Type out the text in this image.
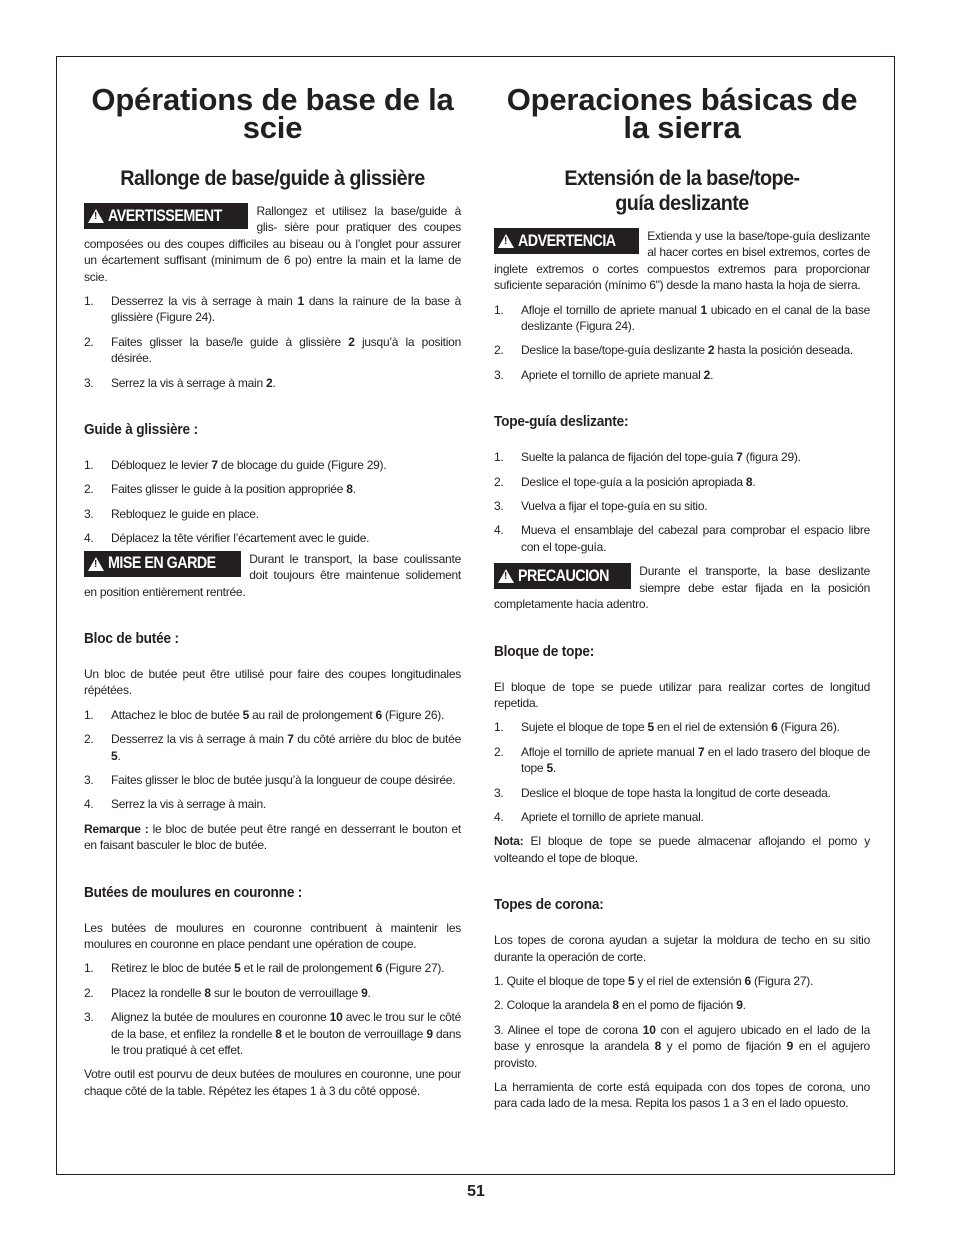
Opérations de base de la scie
Rallonge de base/guide à glissière
!
AVERTISSEMENT	Rallongez et utilisez la base/guide à glis- sière pour pratiquer des coupes composées ou des coupes difficiles au biseau ou à l’onglet pour assurer un écartement suffisant (minimum de 6 po) entre la main et la lame de scie.
1. Desserrez la vis à serrage à main 1 dans la rainure de la base à glissière (Figure 24).
2. Faites glisser la base/le guide à glissière 2 jusqu’à la position désirée.
3. Serrez la vis à serrage à main 2.
Guide à glissière :
1. Débloquez le levier 7 de blocage du guide (Figure 29).
2. Faites glisser le guide à la position appropriée 8.
3. Rebloquez le guide en place.
4. Déplacez la tête vérifier l’écartement avec le guide.
!
MISE EN GARDE	Durant le transport, la base coulissante doit toujours être maintenue solidement en position entièrement rentrée.
Bloc de butée :

Un bloc de butée peut être utilisé pour faire des coupes longitudinales répétées.

1. Attachez le bloc de butée 5 au rail de prolongement 6 (Figure 26).
2. Desserrez la vis à serrage à main 7 du côté arrière du bloc de butée 5.
3. Faites glisser le bloc de butée jusqu’à la longueur de coupe désirée.
4. Serrez la vis à serrage à main.

Remarque : le bloc de butée peut être rangé en desserrant le bouton et en faisant basculer le bloc de butée.

Butées de moulures en couronne :

Les butées de moulures en couronne contribuent à maintenir les moulures en couronne en place pendant une opération de coupe.

1. Retirez le bloc de butée 5 et le rail de prolongement 6 (Figure 27).
2. Placez la rondelle 8 sur le bouton de verrouillage 9.
3. Alignez la butée de moulures en couronne 10 avec le trou sur le côté de la base, et enfilez la rondelle 8 et le bouton de verrouillage 9 dans le trou pratiqué à cet effet.

Votre outil est pourvu de deux butées de moulures en couronne, une pour chaque côté de la table. Répétez les étapes 1 à 3 du côté opposé.

Operaciones básicas de la sierra
Extensión de la base/tope-guía deslizante
!
ADVERTENCIA	Extienda y use la base/tope-guía deslizante al hacer cortes en bisel extremos, cortes de inglete extremos o cortes compuestos extremos para proporcionar suficiente separación (mínimo 6") desde la mano hasta la hoja de sierra.
1. Afloje el tornillo de apriete manual 1 ubicado en el canal de la base deslizante (Figura 24).
2. Deslice la base/tope-guía deslizante 2 hasta la posición deseada.
3. Apriete el tornillo de apriete manual 2.
Tope-guía deslizante:
1. Suelte la palanca de fijación del tope-guía 7 (figura 29).
2. Deslice el tope-guía a la posición apropiada 8.
3. Vuelva a fijar el tope-guía en su sitio.
4. Mueva el ensamblaje del cabezal para comprobar el espacio libre con el tope-guía.
!
PRECAUCION	Durante el transporte, la base deslizante siempre debe estar fijada en la posición completamente hacia adentro.
Bloque de tope:

El bloque de tope se puede utilizar para realizar cortes de longitud repetida.

1. Sujete el bloque de tope 5 en el riel de extensión 6 (Figura 26).
2. Afloje el tornillo de apriete manual 7 en el lado trasero del bloque de tope 5.
3. Deslice el bloque de tope hasta la longitud de corte deseada.
4. Apriete el tornillo de apriete manual.

Nota: El bloque de tope se puede almacenar aflojando el pomo y volteando el tope de bloque.

Topes de corona:

Los topes de corona ayudan a sujetar la moldura de techo en su sitio durante la operación de corte.

1. Quite el bloque de tope 5 y el riel de extensión 6 (Figura 27).

2. Coloque la arandela 8 en el pomo de fijación 9.

3. Alinee el tope de corona 10 con el agujero ubicado en el lado de la base y enrosque la arandela 8 y el pomo de fijación 9 en el agujero provisto.

La herramienta de corte está equipada con dos topes de corona, uno para cada lado de la mesa. Repita los pasos 1 a 3 en el lado opuesto.

51
